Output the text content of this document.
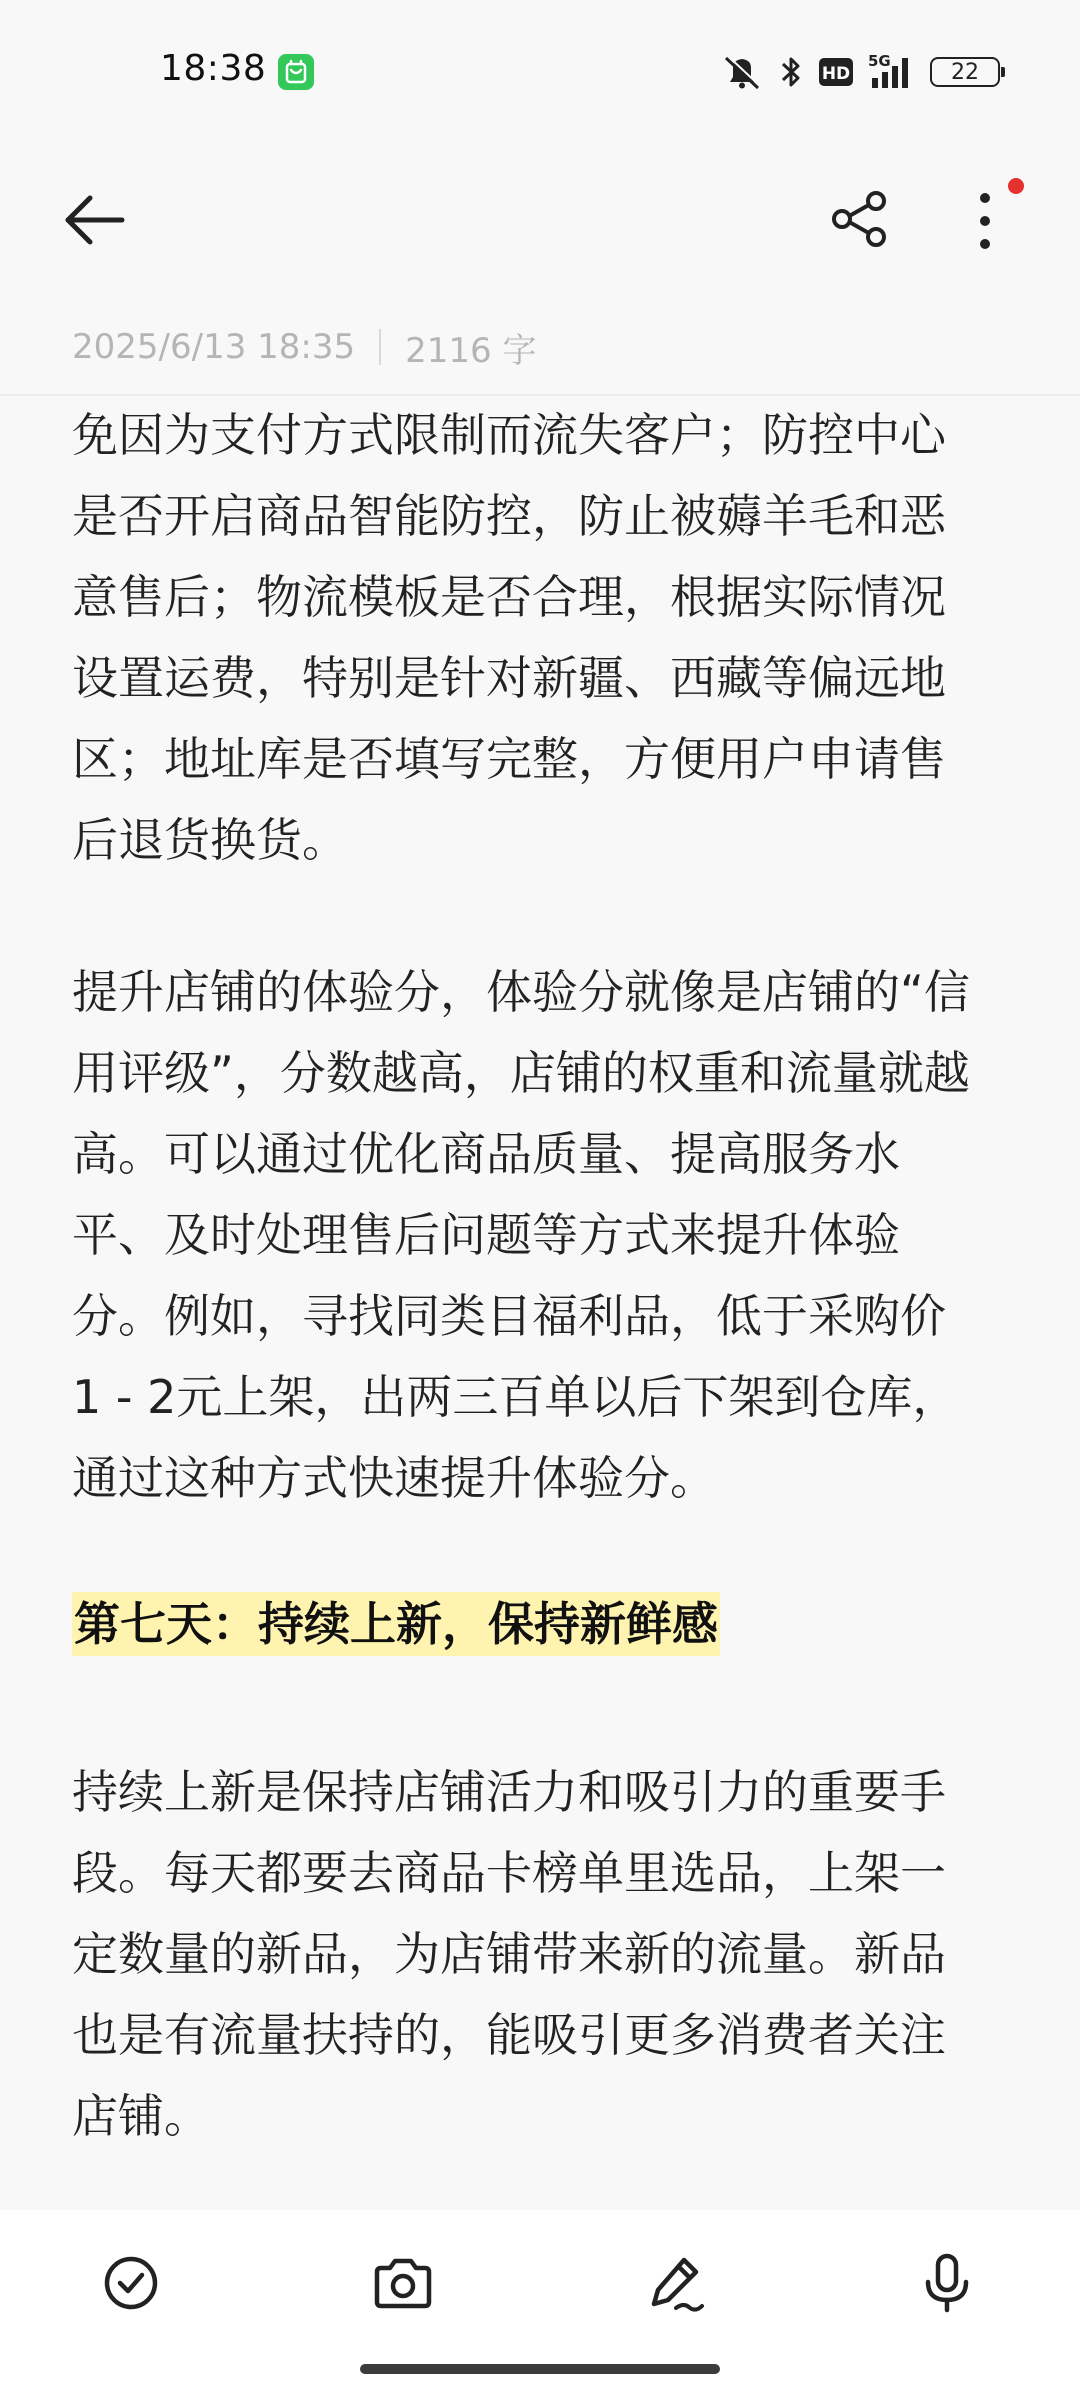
18:38	HD
5G	22
2025/6/13 18:35 2116 字

免因为支付方式限制而流失客户；防控中心
是否开启商品智能防控，防止被薅羊毛和恶
意售后；物流模板是否合理，根据实际情况
设置运费，特别是针对新疆、西藏等偏远地
区；地址库是否填写完整，方便用户申请售
后退货换货。

提升店铺的体验分，体验分就像是店铺的“信
用评级”，分数越高，店铺的权重和流量就越
高。可以通过优化商品质量、提高服务水
平、及时处理售后问题等方式来提升体验
分。例如，寻找同类目福利品，低于采购价
1 - 2元上架，出两三百单以后下架到仓库，
通过这种方式快速提升体验分。

第七天：持续上新，保持新鲜感

持续上新是保持店铺活力和吸引力的重要手
段。每天都要去商品卡榜单里选品，上架一
定数量的新品，为店铺带来新的流量。新品
也是有流量扶持的，能吸引更多消费者关注
店铺。
